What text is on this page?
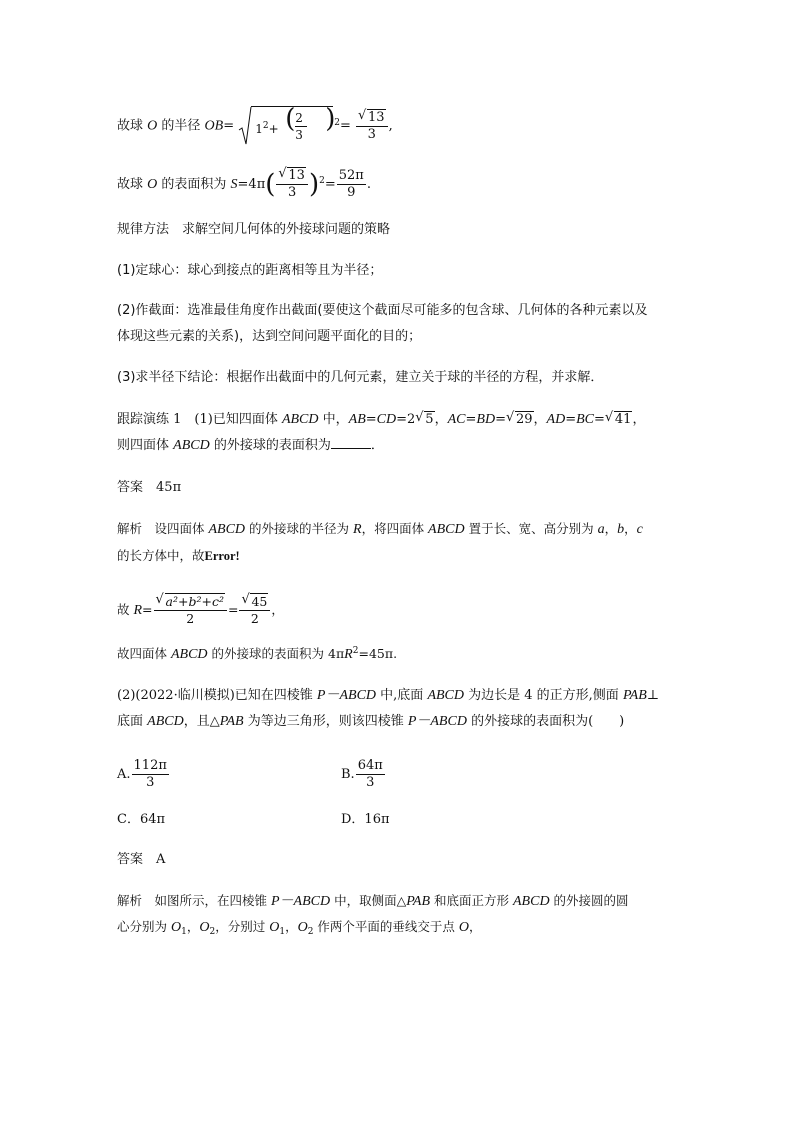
故球 O 的半径 $OB= 1^2+$ ( $\frac{2}{3}$ )
$^2= \frac{√ 13}{3}$ ,
故球 O 的表面积为 $S=4\pi( \frac{√ 13}{3} )^2= \frac{52\pi}{9}$ .
规律方法　求解空间几何体的外接球问题的策略
(1)定球心：球心到接点的距离相等且为半径；
(2)作截面：选准最佳角度作出截面(要使这个截面尽可能多的包含球、几何体的各种元素以及
体现这些元素的关系)，达到空间问题平面化的目的；
(3)求半径下结论：根据作出截面中的几何元素，建立关于球的半径的方程，并求解．
跟踪演练 1　(1)已知四面体 ABCD 中，AB=CD=2 √ 5，AC=BD= √ 29，AD=BC= √ 41，
则四面体 ABCD 的外接球的表面积为	．
答案　 45π
解析　设四面体 ABCD 的外接球的半径为 R，将四面体 ABCD 置于长、宽、高分别为 a，b，c
的长方体中，故Error!
故 $R= \frac{\text{√ a²+b²+c²}}{2} = \frac{√ 45}{2}$ ，
故四面体 ABCD 的外接球的表面积为 $4\pi R^2=45\pi$.
(2)(2022·临川模拟)已知在四棱锥 P－ABCD 中,底面 ABCD 为边长是 4 的正方形,侧面 PAB⊥
底面 ABCD，且△PAB 为等边三角形，则该四棱锥 P－ABCD 的外接球的表面积为(　　)
A. $\frac{112\pi}{3}$	B. $\frac{64\pi}{3}$
C．64π	D．16π
答案　 A
解析　如图所示，在四棱锥 P－ABCD 中，取侧面△PAB 和底面正方形 ABCD 的外接圆的圆
心分别为 $O_1$，$O_2$，分别过 $O_1$，$O_2$ 作两个平面的垂线交于点 O，
